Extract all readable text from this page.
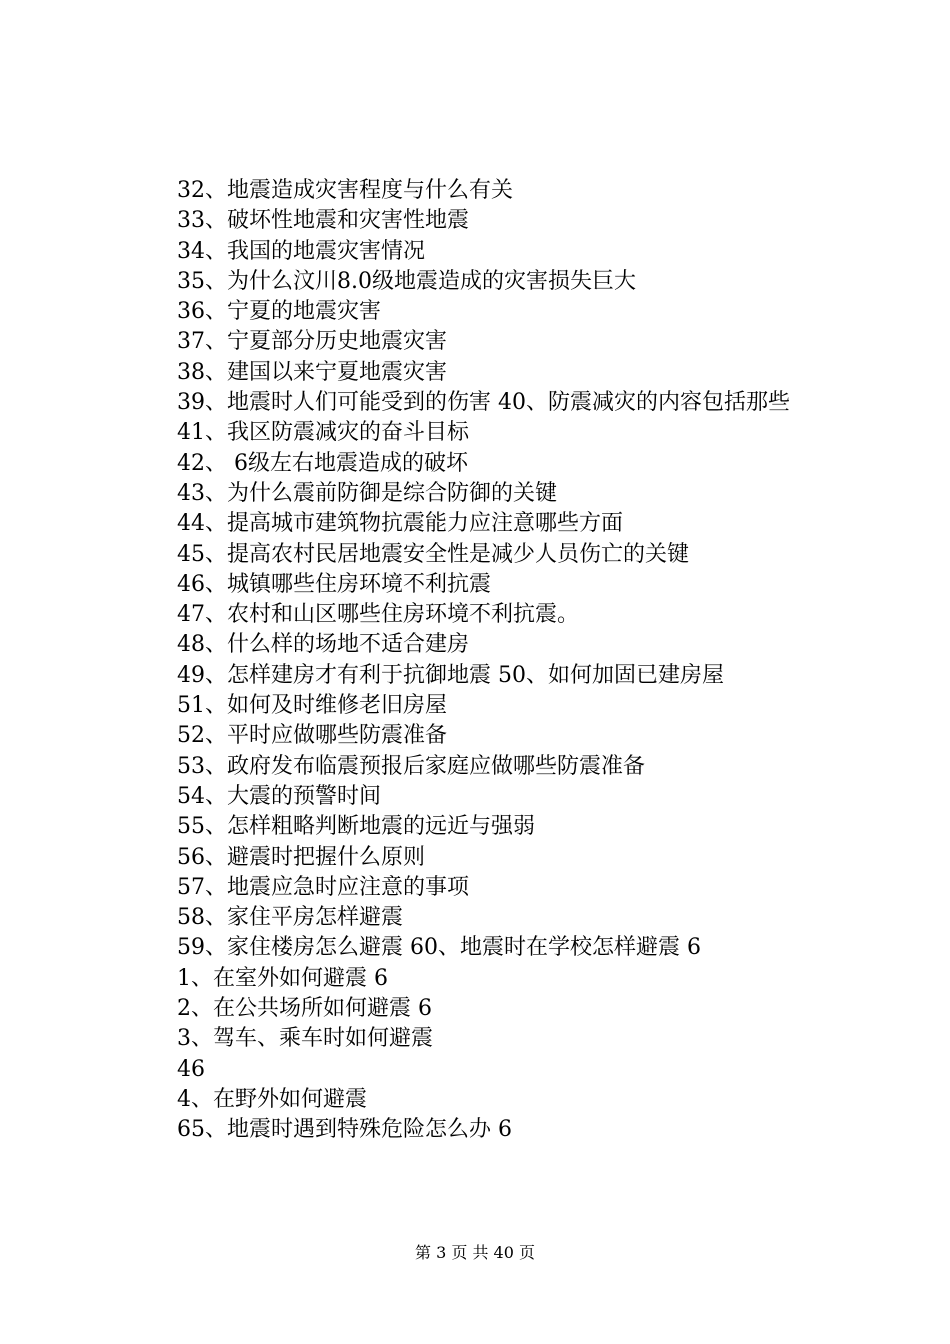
32、地震造成灾害程度与什么有关
33、破坏性地震和灾害性地震
34、我国的地震灾害情况
35、为什么汶川8.0级地震造成的灾害损失巨大
36、宁夏的地震灾害
37、宁夏部分历史地震灾害
38、建国以来宁夏地震灾害
39、地震时人们可能受到的伤害 40、防震减灾的内容包括那些
41、我区防震减灾的奋斗目标
42、 6级左右地震造成的破坏
43、为什么震前防御是综合防御的关键
44、提高城市建筑物抗震能力应注意哪些方面
45、提高农村民居地震安全性是减少人员伤亡的关键
46、城镇哪些住房环境不利抗震
47、农村和山区哪些住房环境不利抗震。
48、什么样的场地不适合建房
49、怎样建房才有利于抗御地震 50、如何加固已建房屋
51、如何及时维修老旧房屋
52、平时应做哪些防震准备
53、政府发布临震预报后家庭应做哪些防震准备
54、大震的预警时间
55、怎样粗略判断地震的远近与强弱
56、避震时把握什么原则
57、地震应急时应注意的事项
58、家住平房怎样避震
59、家住楼房怎么避震 60、地震时在学校怎样避震 6
1、在室外如何避震 6
2、在公共场所如何避震 6
3、驾车、乘车时如何避震
46
4、在野外如何避震
65、地震时遇到特殊危险怎么办 6
第 3 页 共 40 页
